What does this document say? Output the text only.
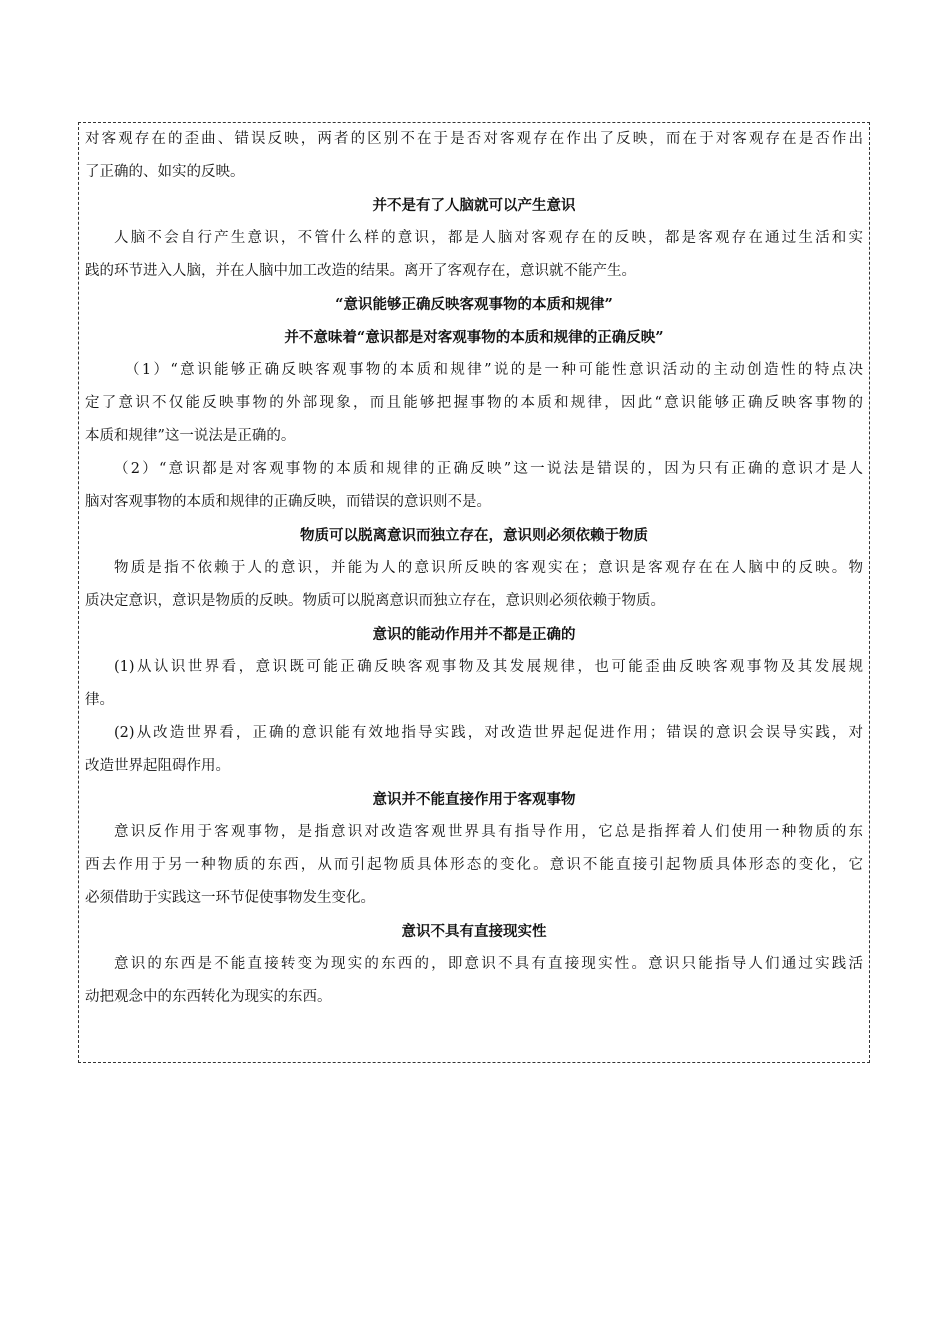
对客观存在的歪曲、错误反映，两者的区别不在于是否对客观存在作出了反映，而在于对客观存在是否作出
了正确的、如实的反映。
并不是有了人脑就可以产生意识
人脑不会自行产生意识，不管什么样的意识，都是人脑对客观存在的反映，都是客观存在通过生活和实
践的环节进入人脑，并在人脑中加工改造的结果。离开了客观存在，意识就不能产生。
“意识能够正确反映客观事物的本质和规律”
并不意味着“意识都是对客观事物的本质和规律的正确反映”
（1）“意识能够正确反映客观事物的本质和规律”说的是一种可能性意识活动的主动创造性的特点决
定了意识不仅能反映事物的外部现象，而且能够把握事物的本质和规律，因此“意识能够正确反映客事物的
本质和规律”这一说法是正确的。
（2）“意识都是对客观事物的本质和规律的正确反映”这一说法是错误的，因为只有正确的意识才是人
脑对客观事物的本质和规律的正确反映，而错误的意识则不是。
物质可以脱离意识而独立存在，意识则必须依赖于物质
物质是指不依赖于人的意识，并能为人的意识所反映的客观实在；意识是客观存在在人脑中的反映。物
质决定意识，意识是物质的反映。物质可以脱离意识而独立存在，意识则必须依赖于物质。
意识的能动作用并不都是正确的
(1)从认识世界看，意识既可能正确反映客观事物及其发展规律，也可能歪曲反映客观事物及其发展规
律。
(2)从改造世界看，正确的意识能有效地指导实践，对改造世界起促进作用；错误的意识会误导实践，对
改造世界起阻碍作用。
意识并不能直接作用于客观事物
意识反作用于客观事物，是指意识对改造客观世界具有指导作用，它总是指挥着人们使用一种物质的东
西去作用于另一种物质的东西，从而引起物质具体形态的变化。意识不能直接引起物质具体形态的变化，它
必须借助于实践这一环节促使事物发生变化。
意识不具有直接现实性
意识的东西是不能直接转变为现实的东西的，即意识不具有直接现实性。意识只能指导人们通过实践活
动把观念中的东西转化为现实的东西。
